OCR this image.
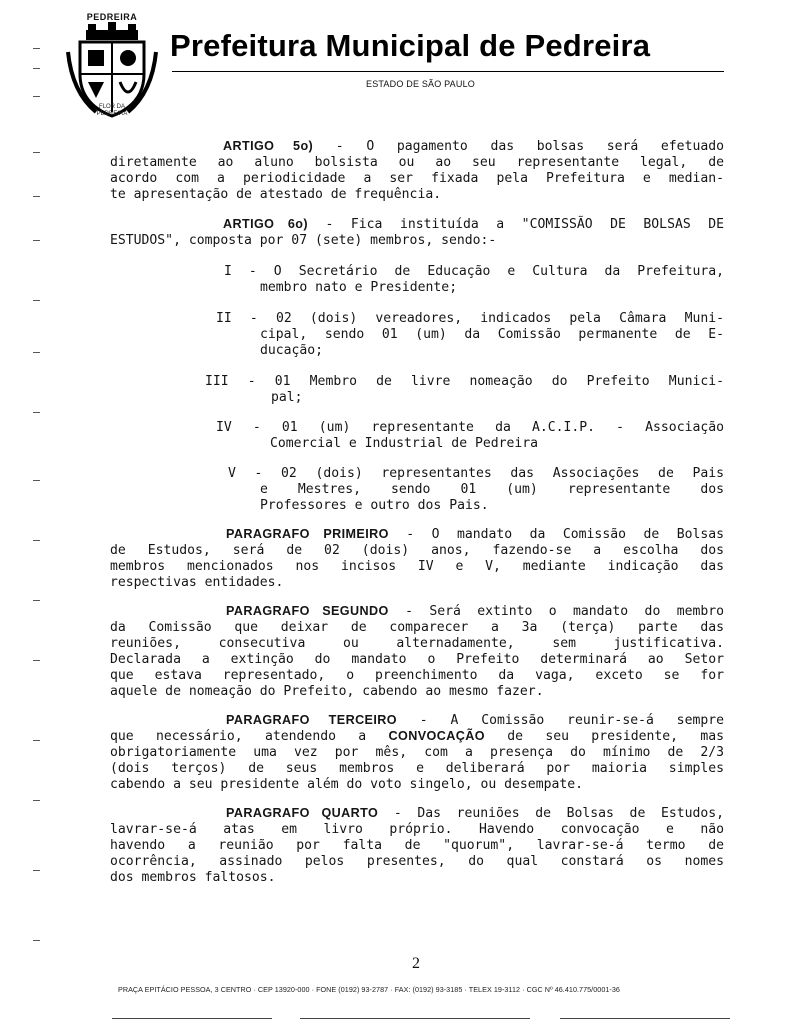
PEDREIRA
FLOR DA
PEDREIRA
Prefeitura Municipal de Pedreira
ESTADO DE SÃO PAULO
ARTIGO 5o) - O pagamento das bolsas será efetuado
diretamente ao aluno bolsista ou ao seu representante legal, de
acordo com a periodicidade a ser fixada pela Prefeitura e median-
te apresentação de atestado de frequência.
ARTIGO 6o) - Fica instituída a "COMISSÃO DE BOLSAS DE
ESTUDOS", composta por 07 (sete) membros, sendo:-
I - O Secretário de Educação e Cultura da Prefeitura,
membro nato e Presidente;
II - 02 (dois) vereadores, indicados pela Câmara Muni-
cipal, sendo 01 (um) da Comissão permanente de E-
ducação;
III - 01 Membro de livre nomeação do Prefeito Munici-
pal;
IV - 01 (um) representante da A.C.I.P. - Associação
Comercial e Industrial de Pedreira
V - 02 (dois) representantes das Associações de Pais
e Mestres, sendo 01 (um) representante dos
Professores e outro dos Pais.
PARAGRAFO PRIMEIRO - O mandato da Comissão de Bolsas
de Estudos, será de 02 (dois) anos, fazendo-se a escolha dos
membros mencionados nos incisos IV e V, mediante indicação das
respectivas entidades.
PARAGRAFO SEGUNDO - Será extinto o mandato do membro
da Comissão que deixar de comparecer a 3a (terça) parte das
reuniões, consecutiva ou alternadamente, sem justificativa.
Declarada a extinção do mandato o Prefeito determinará ao Setor
que estava representado, o preenchimento da vaga, exceto se for
aquele de nomeação do Prefeito, cabendo ao mesmo fazer.
PARAGRAFO TERCEIRO - A Comissão reunir-se-á sempre
que necessário, atendendo a CONVOCAÇÃO de seu presidente, mas
obrigatoriamente uma vez por mês, com a presença do mínimo de 2/3
(dois terços) de seus membros e deliberará por maioria simples
cabendo a seu presidente além do voto singelo, ou desempate.
PARAGRAFO QUARTO - Das reuniões de Bolsas de Estudos,
lavrar-se-á atas em livro próprio. Havendo convocação e não
havendo a reunião por falta de "quorum", lavrar-se-á termo de
ocorrência, assinado pelos presentes, do qual constará os nomes
dos membros faltosos.
2
PRAÇA EPITÁCIO PESSOA, 3 CENTRO · CEP 13920-000 · FONE (0192) 93-2787 · FAX: (0192) 93-3185 · TELEX 19-3112 · CGC Nº 46.410.775/0001-36
